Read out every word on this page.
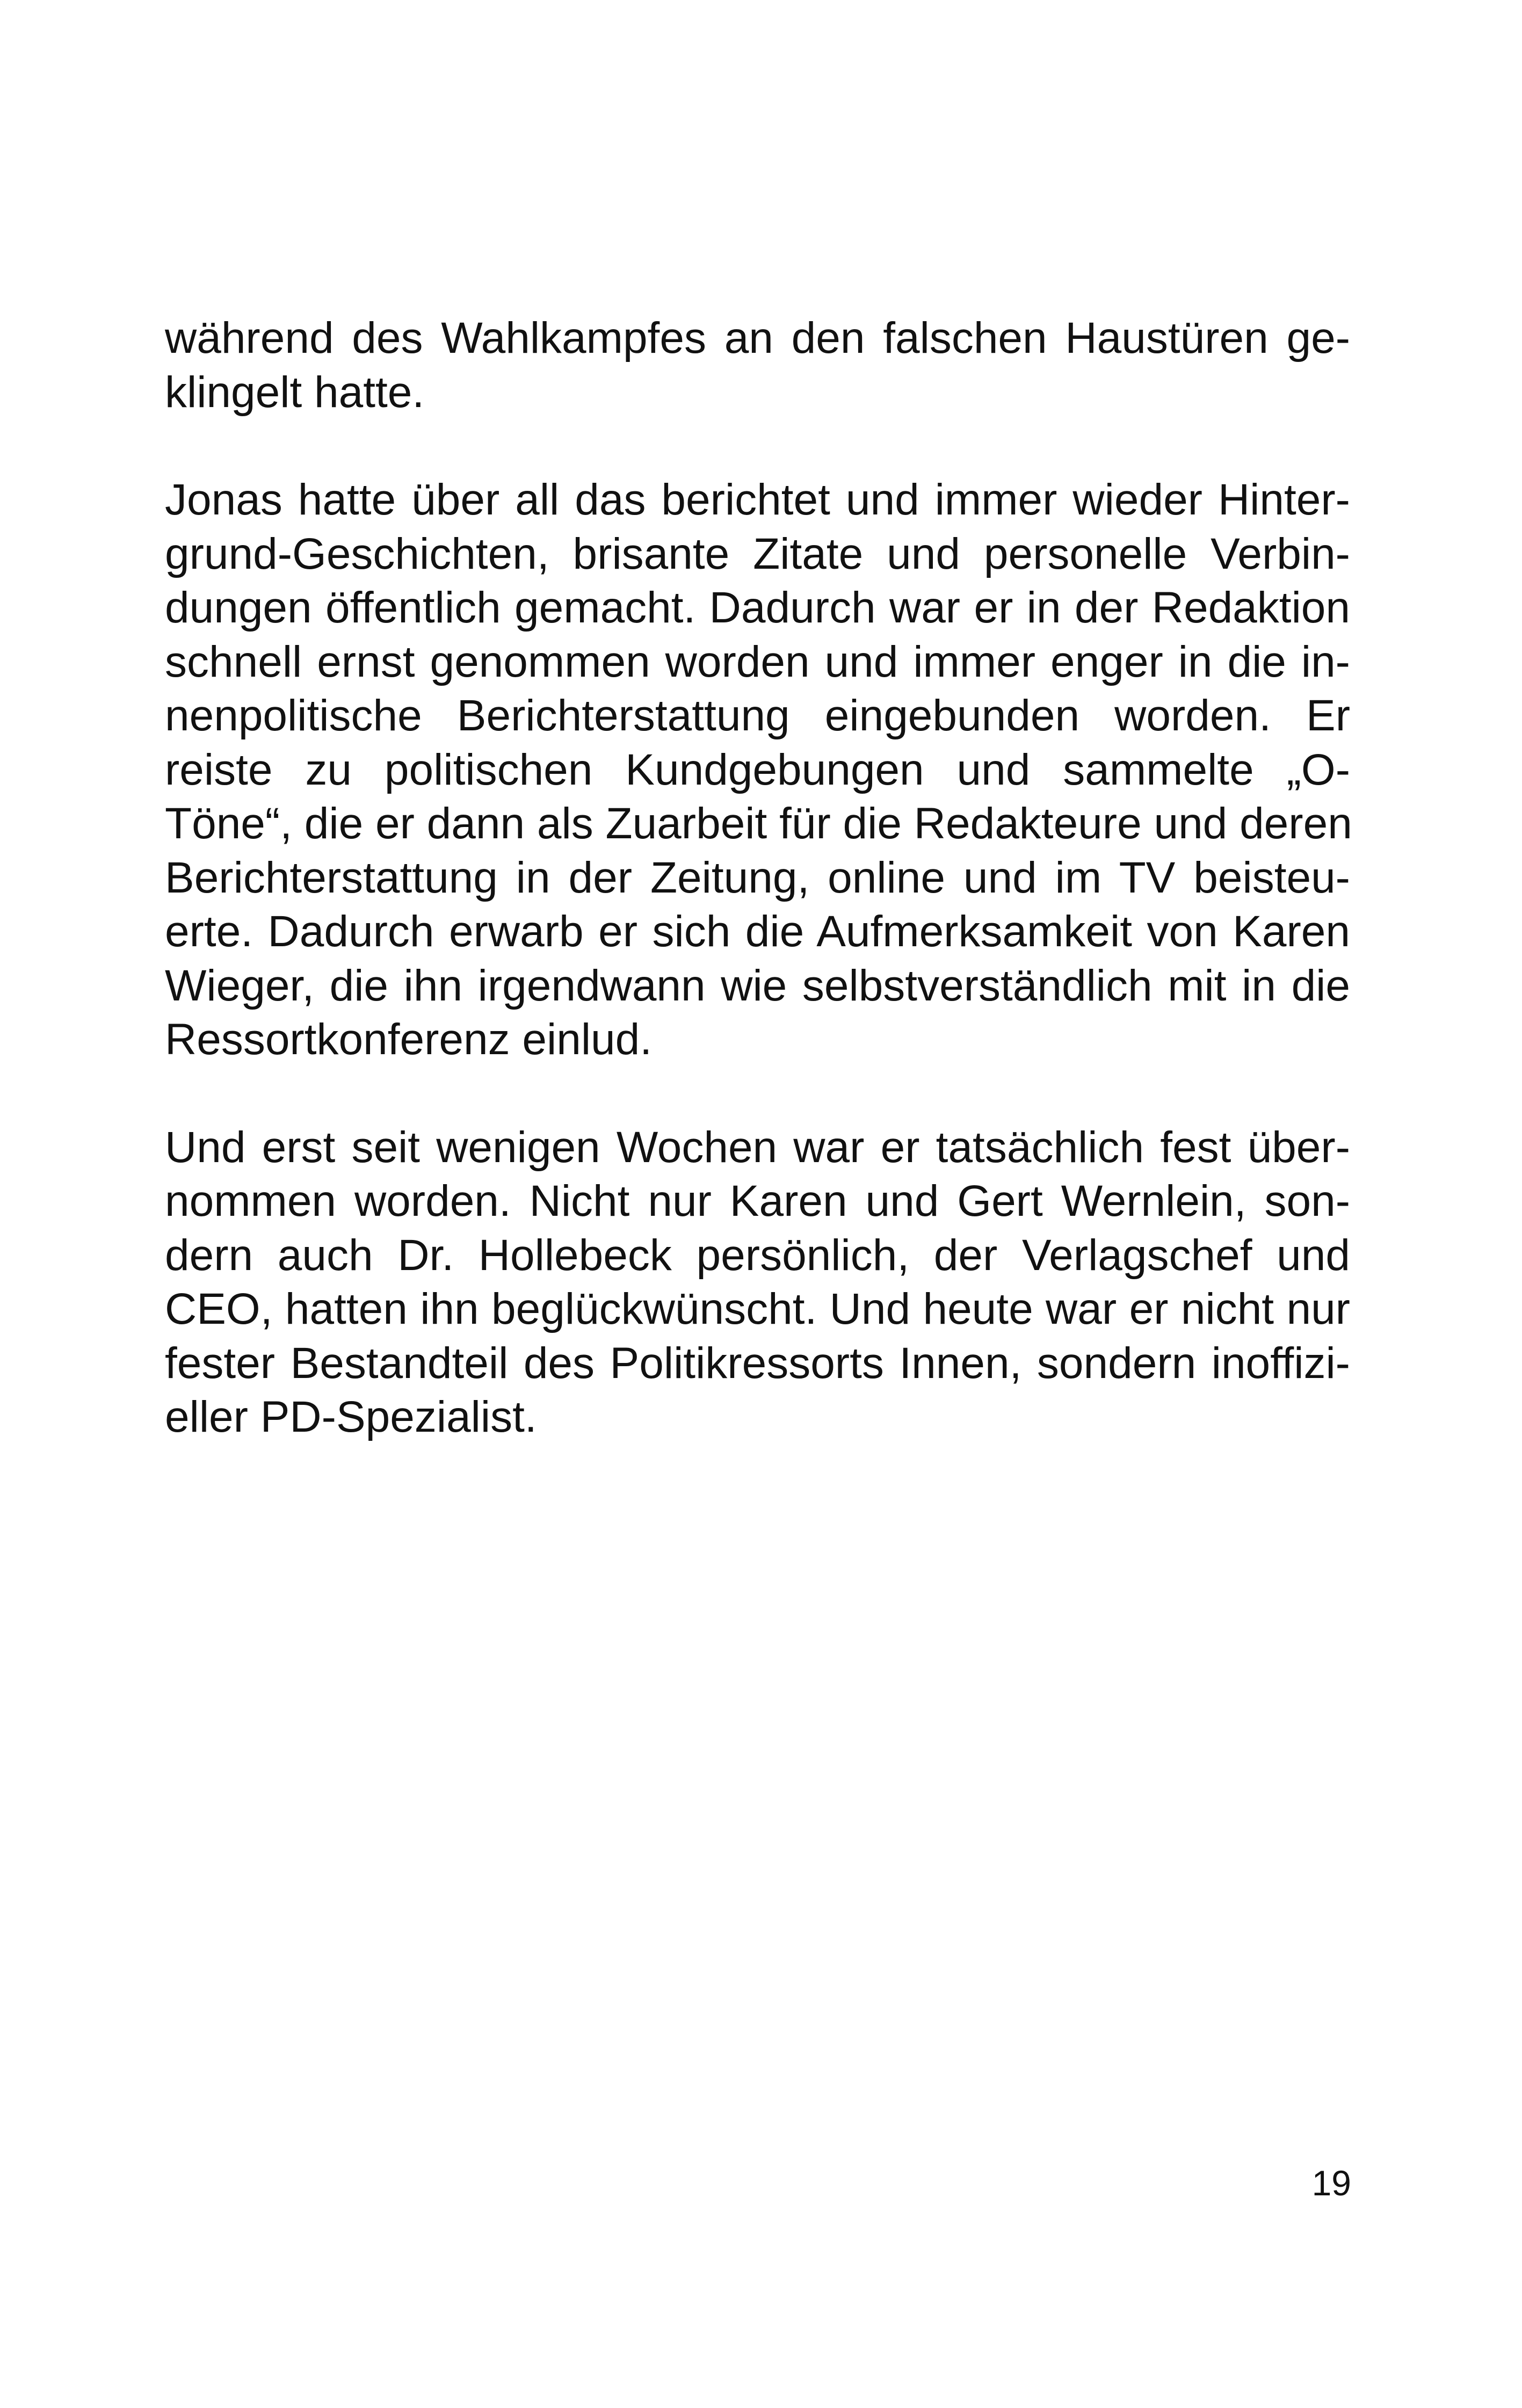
während des Wahlkampfes an den falschen Haustüren ge-
klingelt hatte.
Jonas hatte über all das berichtet und immer wieder Hinter-
grund-Geschichten, brisante Zitate und personelle Verbin-
dungen öffentlich gemacht. Dadurch war er in der Redaktion
schnell ernst genommen worden und immer enger in die in-
nenpolitische Berichterstattung eingebunden worden. Er
reiste zu politischen Kundgebungen und sammelte „O-
Töne“, die er dann als Zuarbeit für die Redakteure und deren
Berichterstattung in der Zeitung, online und im TV beisteu-
erte. Dadurch erwarb er sich die Aufmerksamkeit von Karen
Wieger, die ihn irgendwann wie selbstverständlich mit in die
Ressortkonferenz einlud.
Und erst seit wenigen Wochen war er tatsächlich fest über-
nommen worden. Nicht nur Karen und Gert Wernlein, son-
dern auch Dr. Hollebeck persönlich, der Verlagschef und
CEO, hatten ihn beglückwünscht. Und heute war er nicht nur
fester Bestandteil des Politikressorts Innen, sondern inoffizi-
eller PD-Spezialist.
19
